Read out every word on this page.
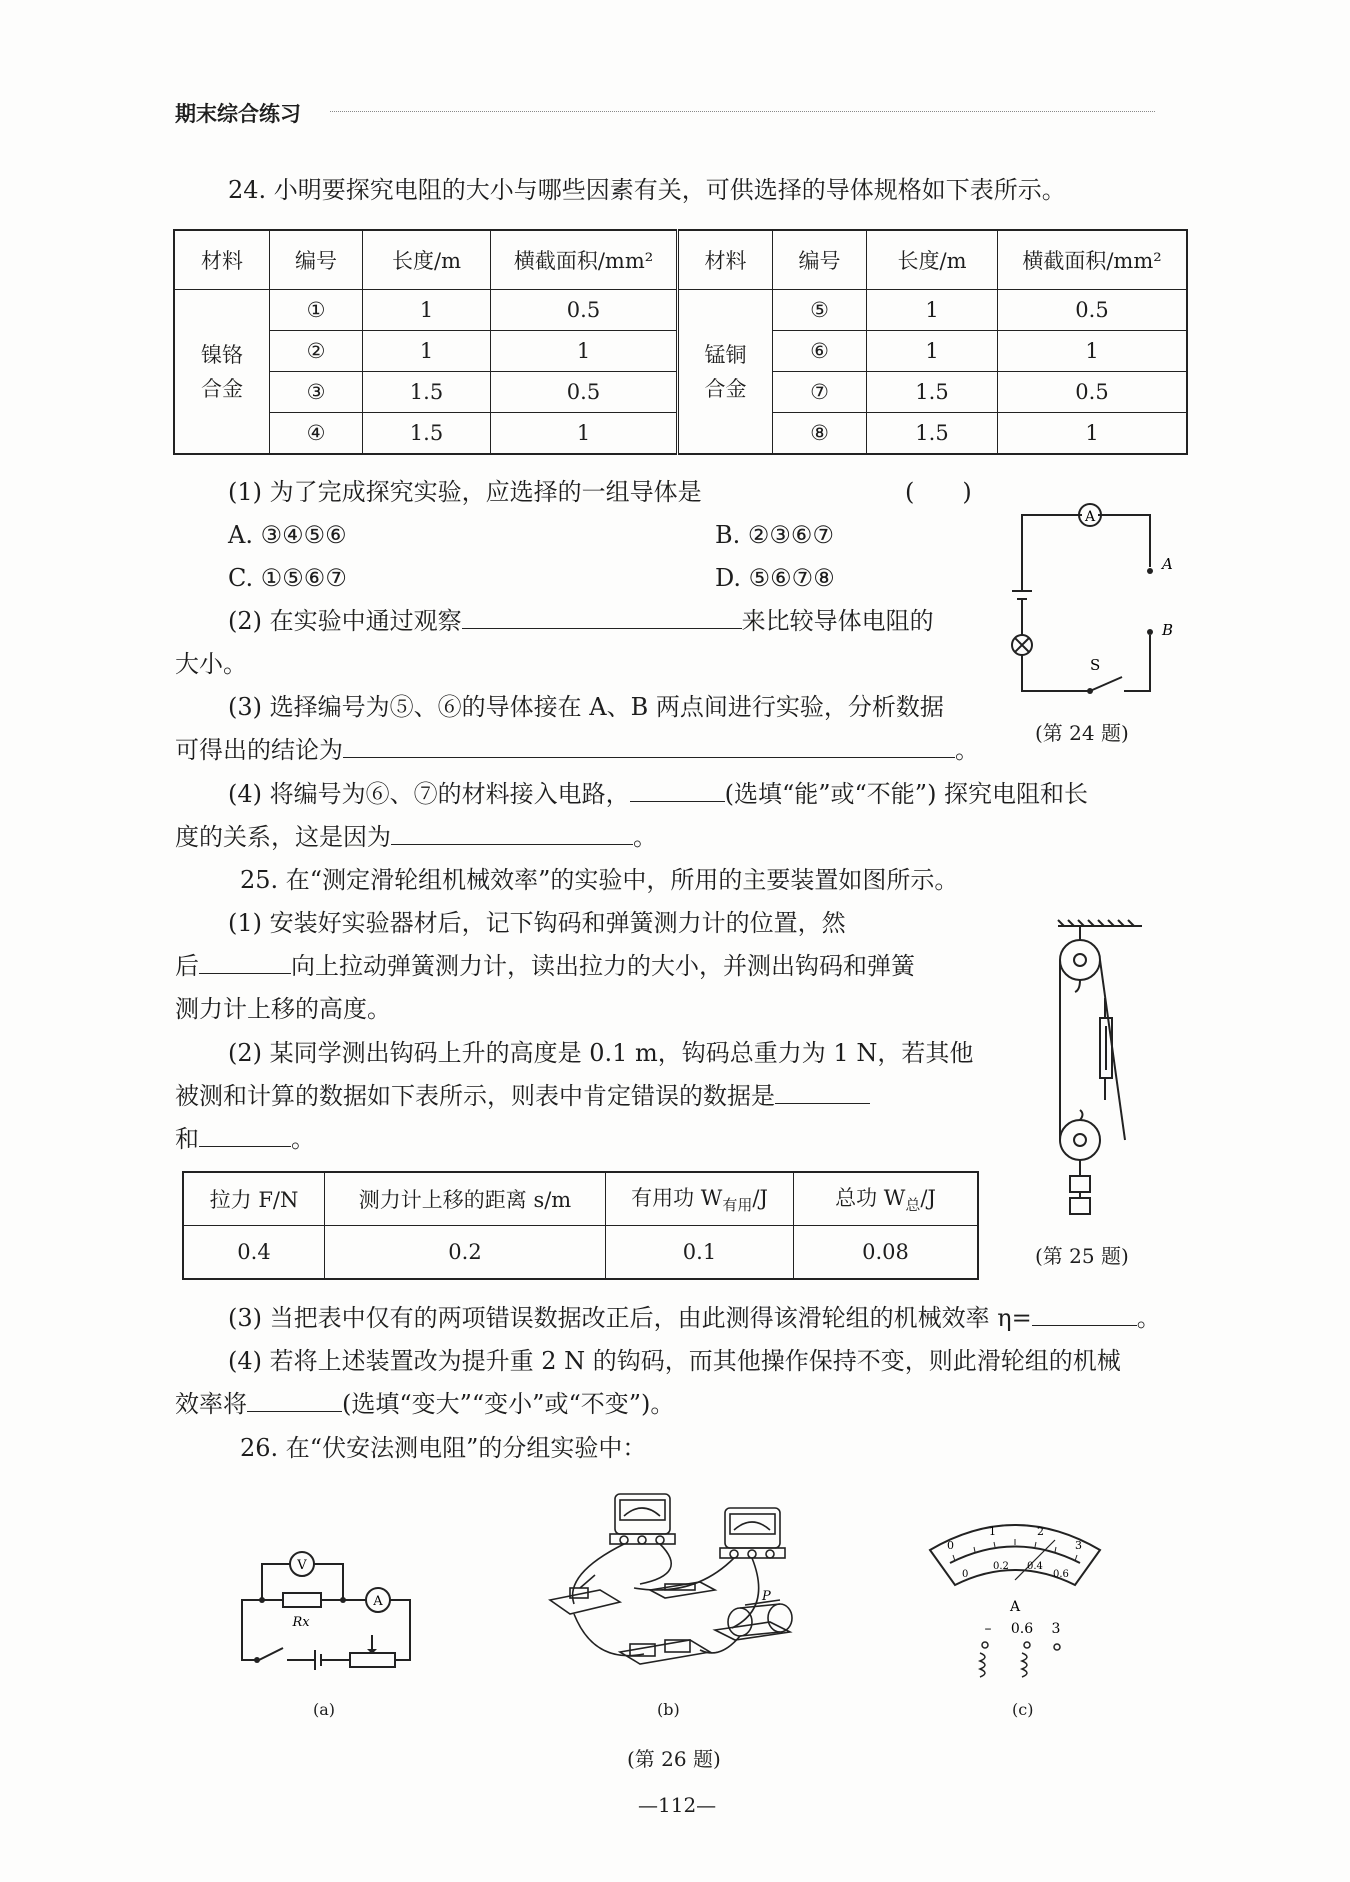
期末综合练习
24. 小明要探究电阻的大小与哪些因素有关，可供选择的导体规格如下表所示。
材料	编号	长度/m	横截面积/mm²	材料	编号	长度/m	横截面积/mm²
镍铬合金	①	1	0.5	锰铜合金	⑤	1	0.5
	②	1	1		⑥	1	1
	③	1.5	0.5		⑦	1.5	0.5
	④	1.5	1		⑧	1.5	1
(1) 为了完成探究实验，应选择的一组导体是	(　　)
A. ③④⑤⑥	B. ②③⑥⑦
C. ①⑤⑥⑦	D. ⑤⑥⑦⑧
(2) 在实验中通过观察	来比较导体电阻的
大小。
(3) 选择编号为⑤、⑥的导体接在 A、B 两点间进行实验，分析数据
可得出的结论为	。
(4) 将编号为⑥、⑦的材料接入电路，	(选填“能”或“不能”) 探究电阻和长
度的关系，这是因为	。
A
A
B
S
(第 24 题)
25. 在“测定滑轮组机械效率”的实验中，所用的主要装置如图所示。
(1) 安装好实验器材后，记下钩码和弹簧测力计的位置，然
后	向上拉动弹簧测力计，读出拉力的大小，并测出钩码和弹簧
测力计上移的高度。
(2) 某同学测出钩码上升的高度是 0.1 m，钩码总重力为 1 N，若其他
被测和计算的数据如下表所示，则表中肯定错误的数据是
和	。
拉力 F/N	测力计上移的距离 s/m	有用功 $W_{有用}/J$	总功 $W_总/J$
0.4	0.2	0.1	0.08	(第 25 题)
(3) 当把表中仅有的两项错误数据改正后，由此测得该滑轮组的机械效率 η=	。
(4) 若将上述装置改为提升重 2 N 的钩码，而其他操作保持不变，则此滑轮组的机械
效率将	(选填“变大”“变小”或“不变”)。
26. 在“伏安法测电阻”的分组实验中：
V
A
Rx
(a)
P
(b)
0
1	2
3
0
0.2 0.4
0.6
A
– 0.6 3
(c)
(第 26 题)
—112—
